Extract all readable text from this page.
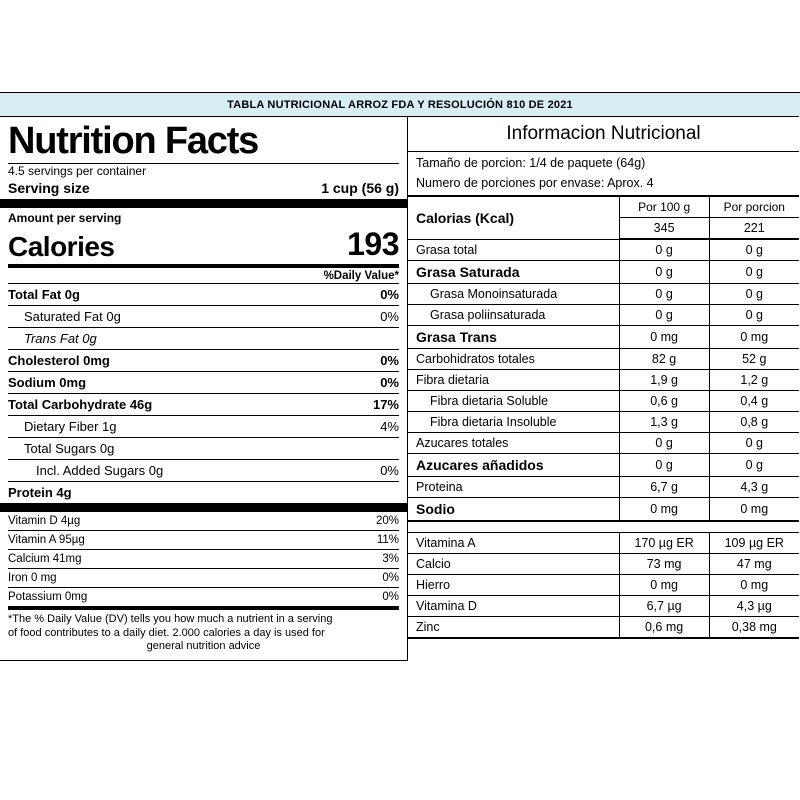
TABLA NUTRICIONAL ARROZ FDA Y RESOLUCIÓN 810 DE 2021
Nutrition Facts
4.5 servings per container
Serving size	1 cup (56 g)
Amount per serving
Calories	193
%Daily Value*
Total Fat 0g	0%
Saturated Fat 0g	0%
Trans Fat 0g
Cholesterol 0mg	0%
Sodium 0mg	0%
Total Carbohydrate 46g	17%
Dietary Fiber 1g	4%
Total Sugars 0g
Incl. Added Sugars 0g	0%
Protein 4g
Vitamin D 4µg	20%
Vitamin A 95µg	11%
Calcium 41mg	3%
Iron 0 mg	0%
Potassium 0mg	0%
*The % Daily Value (DV) tells you how much a nutrient in a serving
of food contributes to a daily diet. 2.000 calories a day is used for
general nutrition advice
Informacion Nutricional
Tamaño de porcion: 1/4 de paquete (64g)
Numero de porciones por envase: Aprox. 4
Calorias (Kcal)	Por 100 g	Por porcion
	345	221
Grasa total	0 g	0 g
Grasa Saturada	0 g	0 g
Grasa Monoinsaturada	0 g	0 g
Grasa poliinsaturada	0 g	0 g
Grasa Trans	0 mg	0 mg
Carbohidratos totales	82 g	52 g
Fibra dietaria	1,9 g	1,2 g
Fibra dietaria Soluble	0,6 g	0,4 g
Fibra dietaria Insoluble	1,3 g	0,8 g
Azucares totales	0 g	0 g
Azucares añadidos	0 g	0 g
Proteina	6,7 g	4,3 g
Sodio	0 mg	0 mg

Vitamina A	170 µg ER	109 µg ER
Calcio	73 mg	47 mg
Hierro	0 mg	0 mg
Vitamina D	6,7 µg	4,3 µg
Zinc	0,6 mg	0,38 mg
